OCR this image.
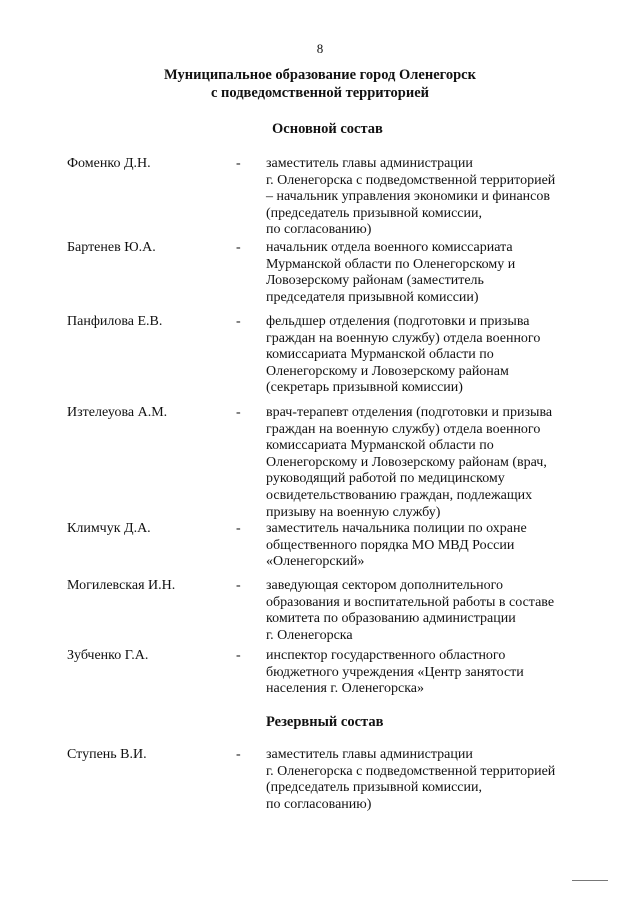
8
Муниципальное образование город Оленегорск
с подведомственной территорией
Основной состав
Фоменко Д.Н.	- заместитель главы администрации
г. Оленегорска с подведомственной территорией
– начальник управления экономики и финансов
(председатель призывной комиссии,
по согласованию)
Бартенев Ю.А.	- начальник отдела военного комиссариата
Мурманской области по Оленегорскому и
Ловозерскому районам (заместитель
председателя призывной комиссии)
Панфилова Е.В.	- фельдшер отделения (подготовки и призыва
граждан на военную службу) отдела военного
комиссариата Мурманской области по
Оленегорскому и Ловозерскому районам
(секретарь призывной комиссии)
Изтелеуова А.М.	- врач-терапевт отделения (подготовки и призыва
граждан на военную службу) отдела военного
комиссариата Мурманской области по
Оленегорскому и Ловозерскому районам (врач,
руководящий работой по медицинскому
освидетельствованию граждан, подлежащих
призыву на военную службу)
Климчук Д.А.	- заместитель начальника полиции по охране
общественного порядка МО МВД России
«Оленегорский»
Могилевская И.Н.	- заведующая сектором дополнительного
образования и воспитательной работы в составе
комитета по образованию администрации
г. Оленегорска
Зубченко Г.А.	- инспектор государственного областного
бюджетного учреждения «Центр занятости
населения г. Оленегорска»
Резервный состав
Ступень В.И.	- заместитель главы администрации
г. Оленегорска с подведомственной территорией
(председатель призывной комиссии,
по согласованию)
